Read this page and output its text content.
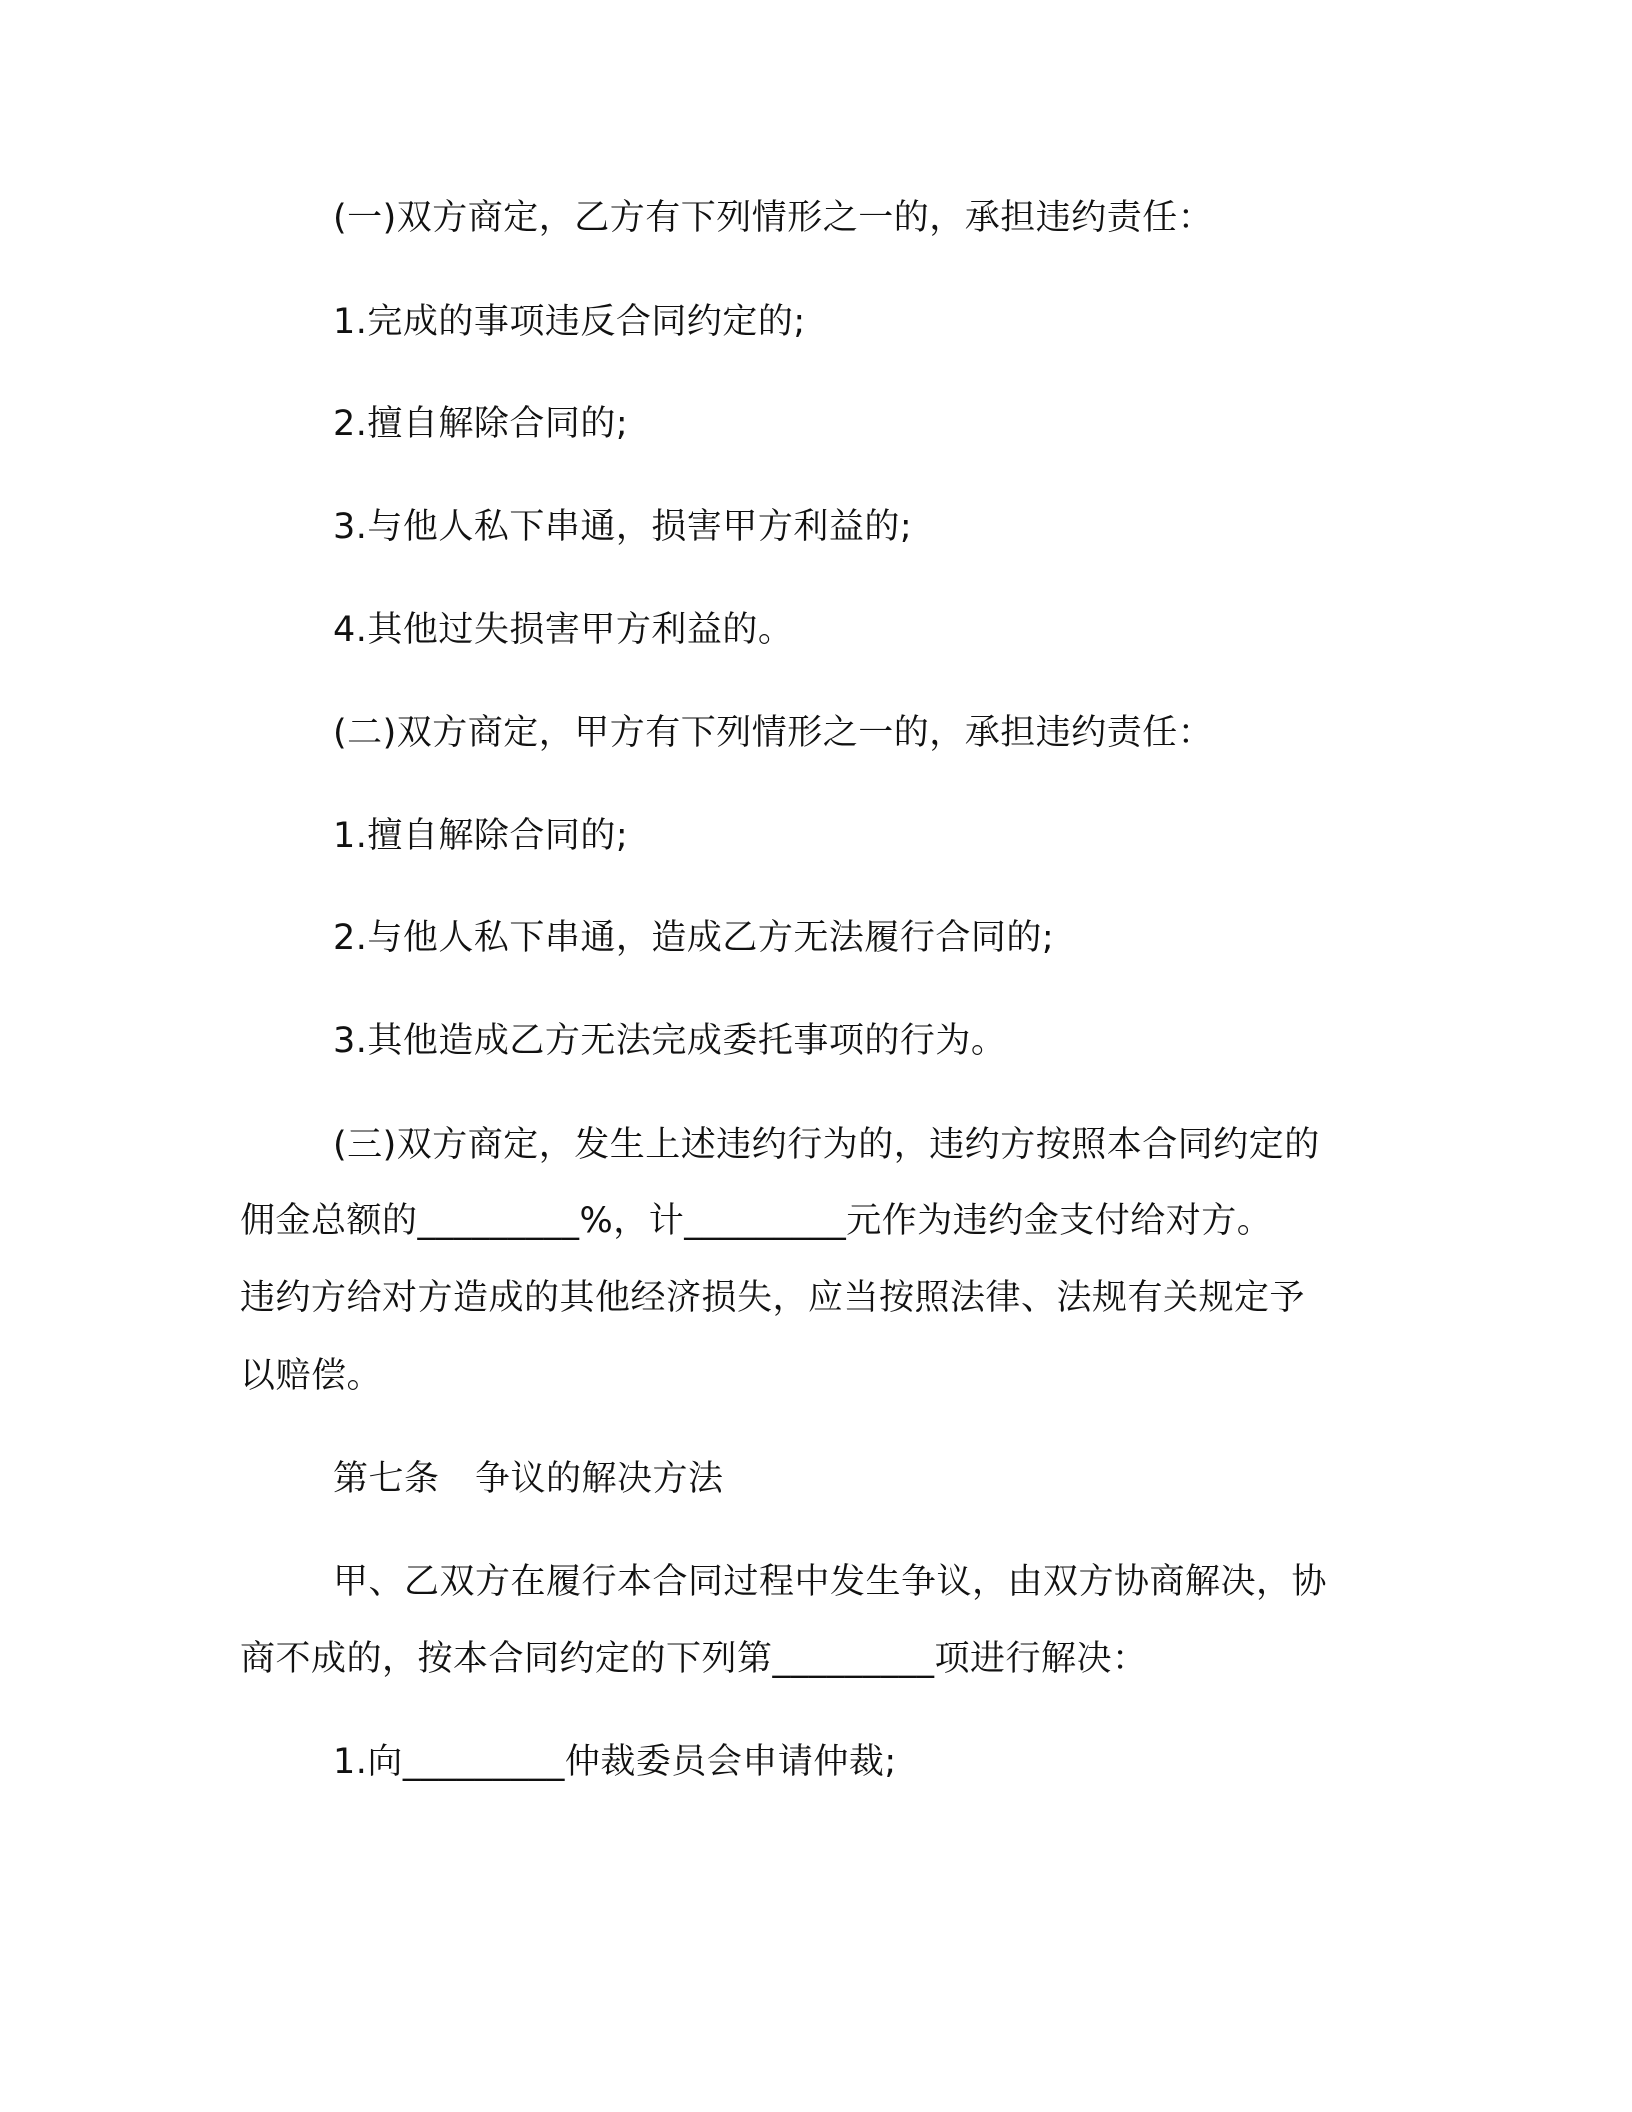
(一)双方商定，乙方有下列情形之一的，承担违约责任：
1.完成的事项违反合同约定的;
2.擅自解除合同的;
3.与他人私下串通，损害甲方利益的;
4.其他过失损害甲方利益的。
(二)双方商定，甲方有下列情形之一的，承担违约责任：
1.擅自解除合同的;
2.与他人私下串通，造成乙方无法履行合同的;
3.其他造成乙方无法完成委托事项的行为。
(三)双方商定，发生上述违约行为的，违约方按照本合同约定的
佣金总额的_________%，计_________元作为违约金支付给对方。
违约方给对方造成的其他经济损失，应当按照法律、法规有关规定予
以赔偿。
第七条　争议的解决方法
甲、乙双方在履行本合同过程中发生争议，由双方协商解决，协
商不成的，按本合同约定的下列第_________项进行解决：
1.向_________仲裁委员会申请仲裁;
